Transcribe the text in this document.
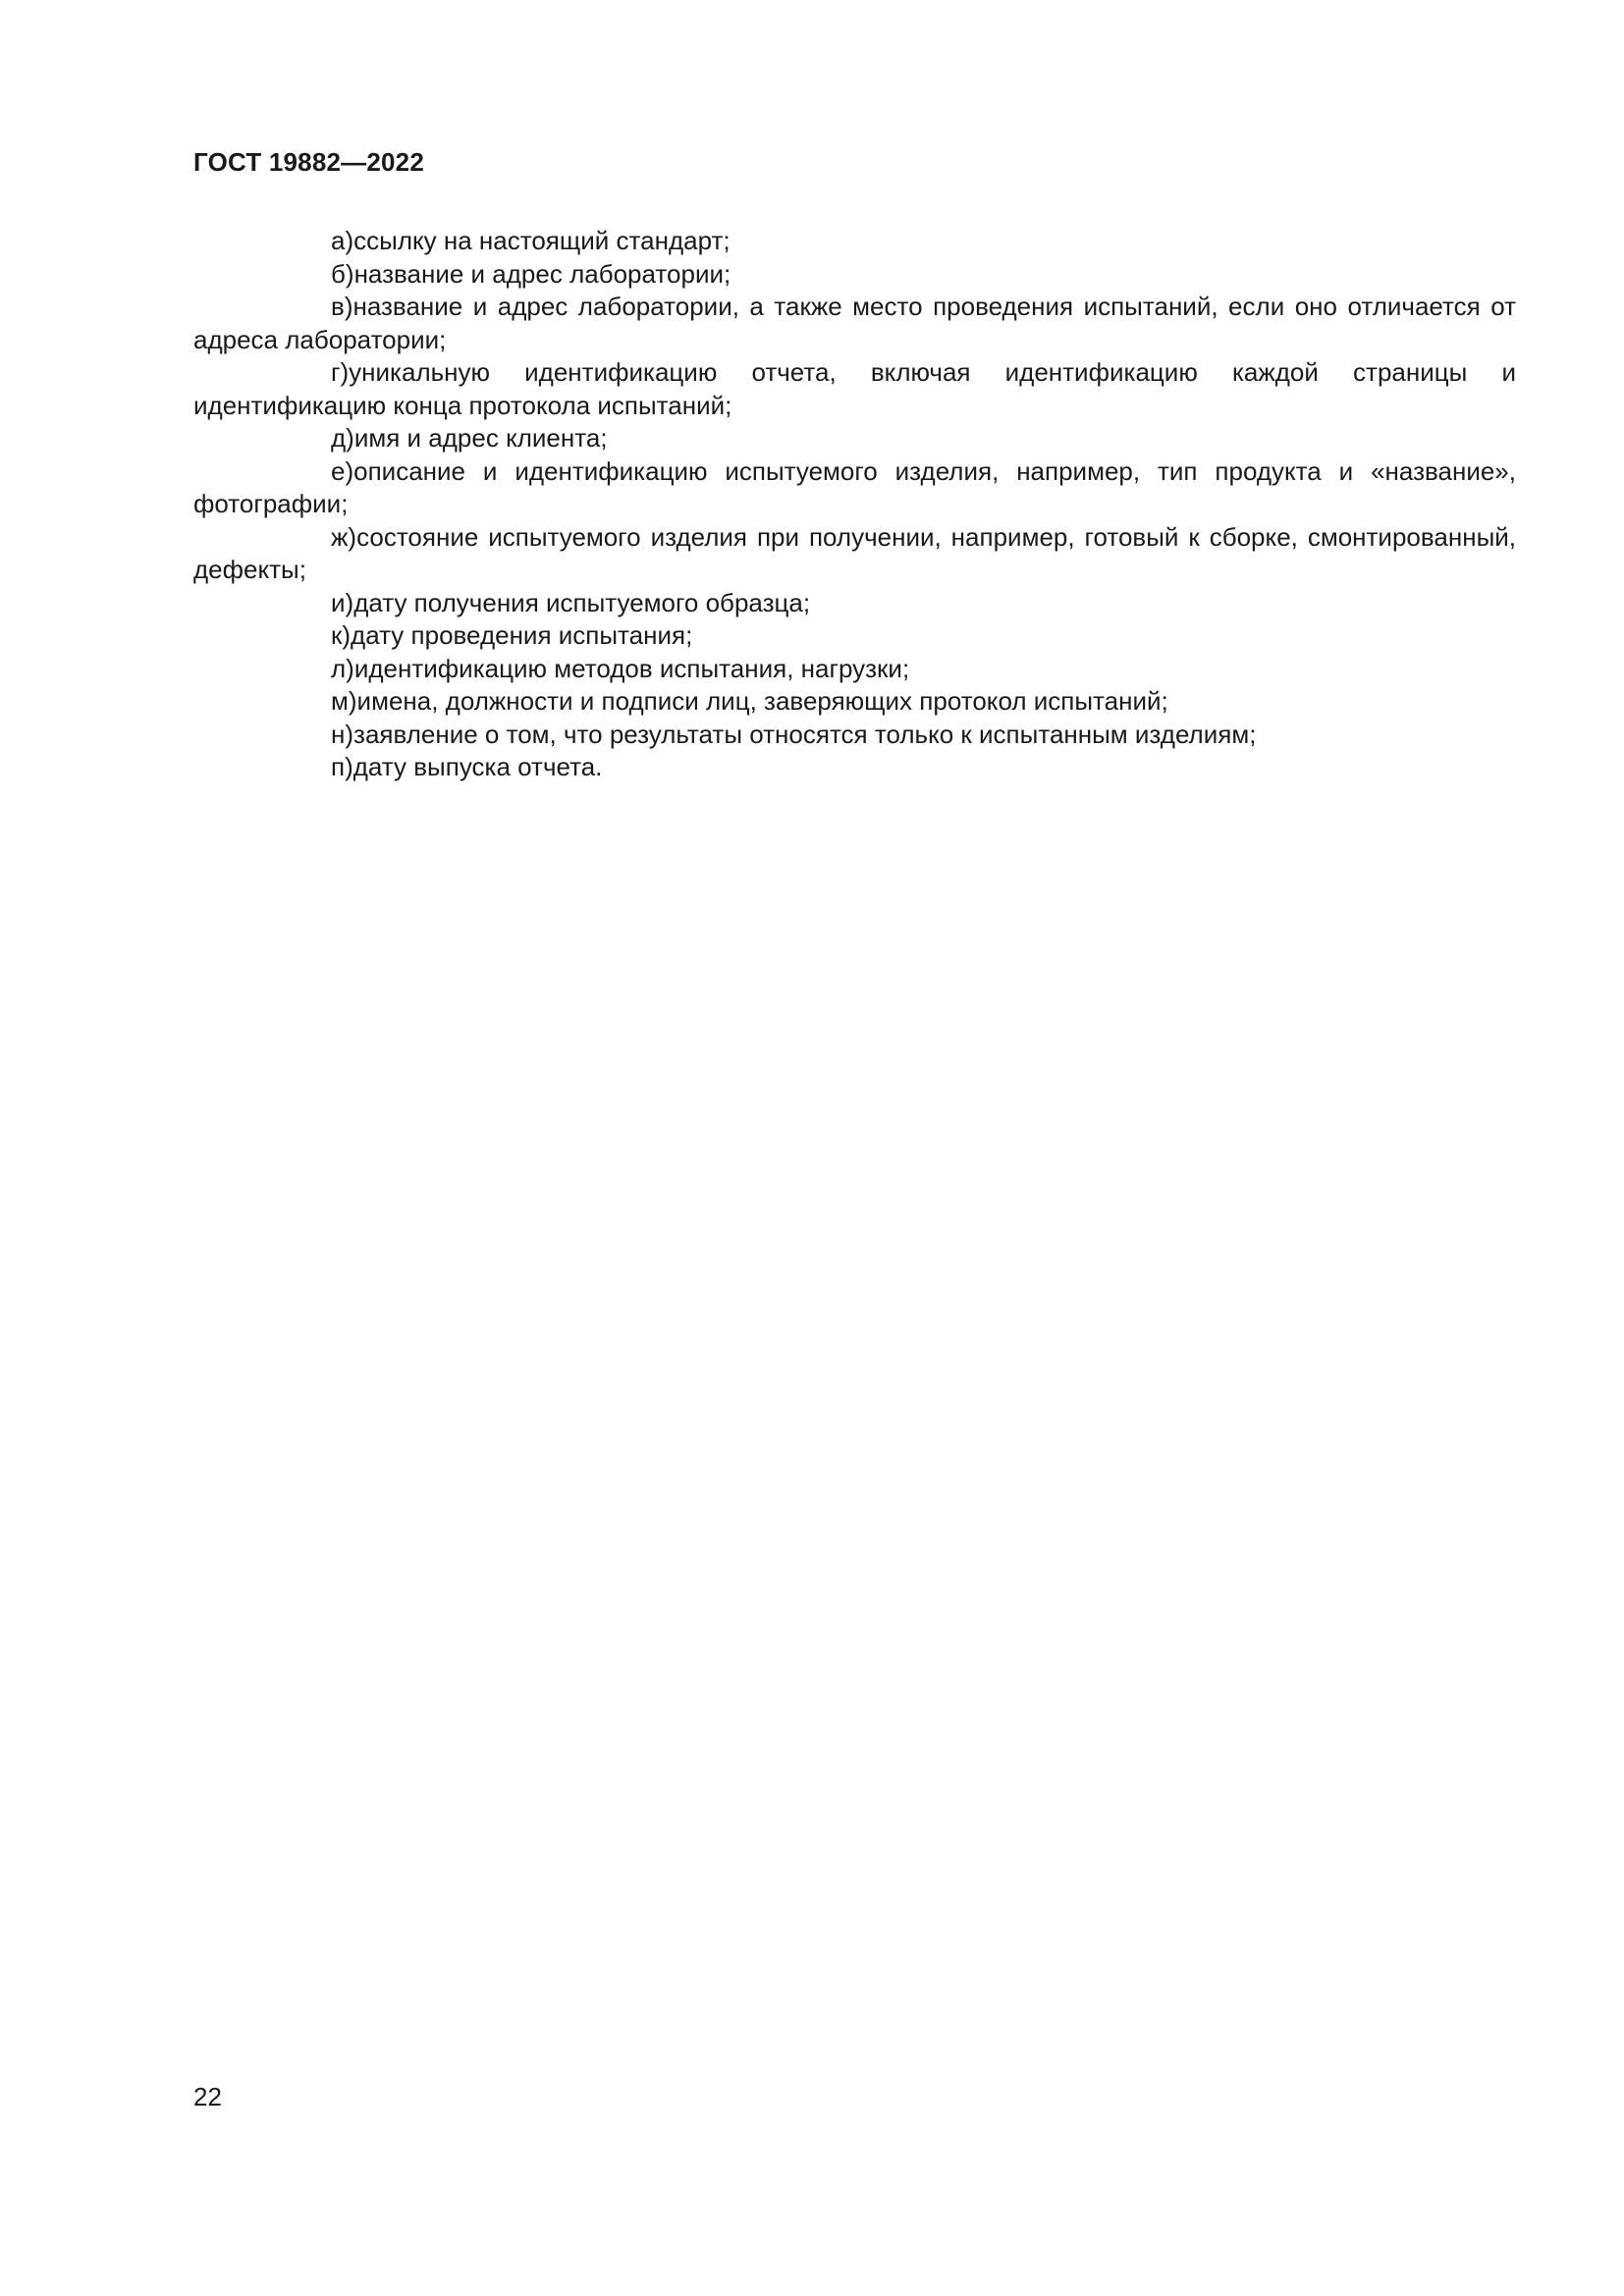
ГОСТ 19882—2022

а)ссылку на настоящий стандарт;

б)название и адрес лаборатории;

в)название и адрес лаборатории, а также место проведения испытаний, если оно отличается от адреса лаборатории;

г)уникальную идентификацию отчета, включая идентификацию каждой страницы и идентификацию конца протокола испытаний;

д)имя и адрес клиента;

е)описание и идентификацию испытуемого изделия, например, тип продукта и «название», фотографии;

ж)состояние испытуемого изделия при получении, например, готовый к сборке, смонтированный, дефекты;

и)дату получения испытуемого образца;

к)дату проведения испытания;

л)идентификацию методов испытания, нагрузки;

м)имена, должности и подписи лиц, заверяющих протокол испытаний;

н)заявление о том, что результаты относятся только к испытанным изделиям;

п)дату выпуска отчета.

22
